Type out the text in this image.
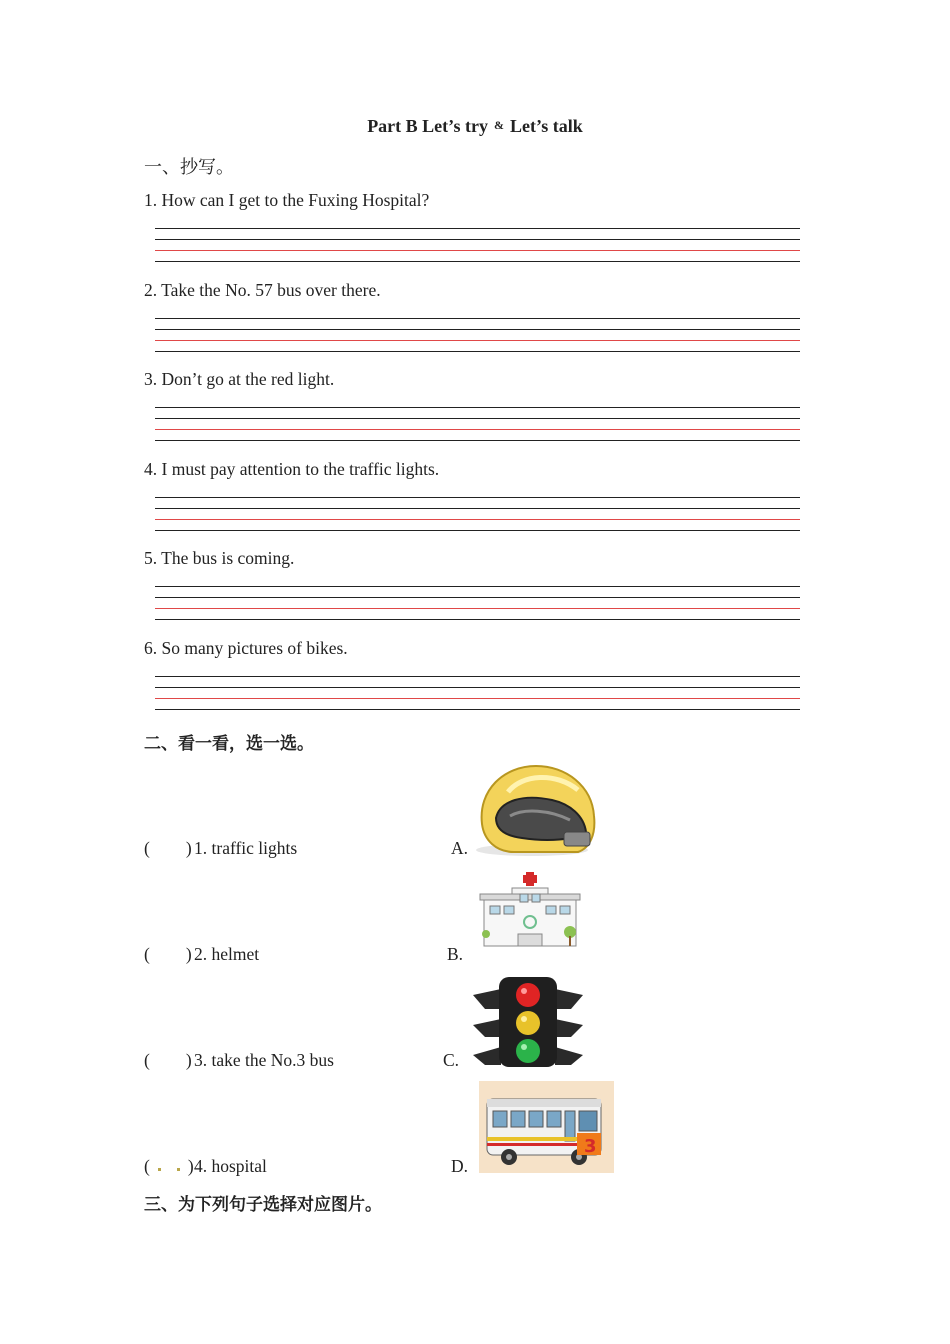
Part B Let’s try & Let’s talk
一、抄写。
1. How can I get to the Fuxing Hospital?
2. Take the No. 57 bus over there.
3. Don’t go at the red light.
4. I must pay attention to the traffic lights.
5. The bus is coming.
6. So many pictures of bikes.
二、看一看，选一选。
( ) 1. traffic lights	A.
( ) 2. helmet	B.
( ) 3. take the No.3 bus	C.
( ) 4. hospital	D.
3
三、为下列句子选择对应图片。
